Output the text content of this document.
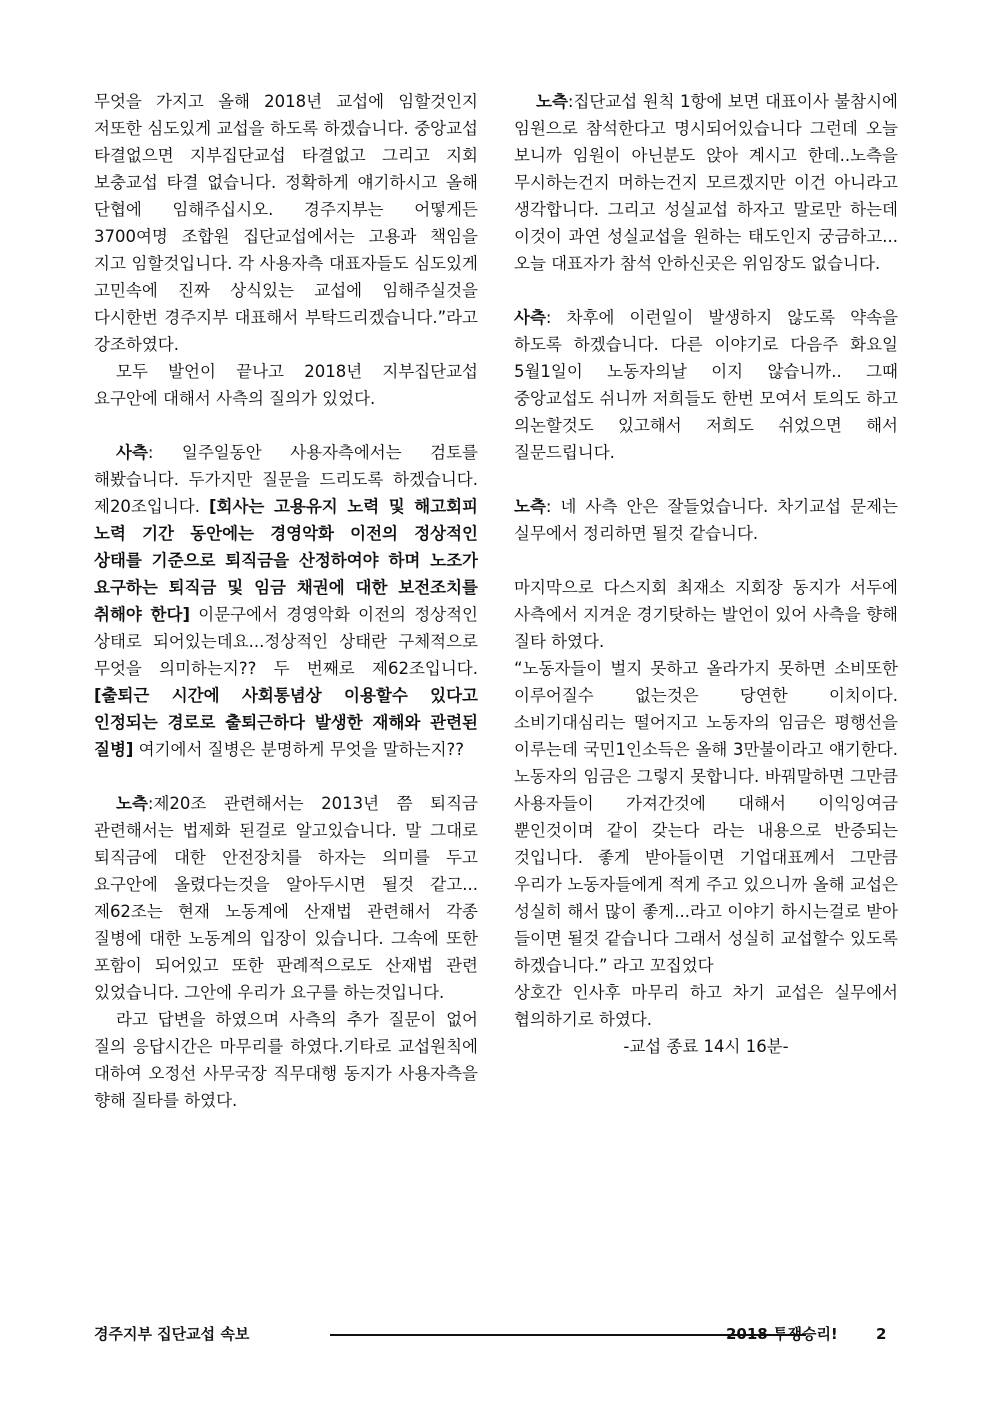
무엇을 가지고 올해 2018년 교섭에 임할것인지 저또한 심도있게 교섭을 하도록 하겠습니다. 중앙교섭 타결없으면 지부집단교섭 타결없고 그리고 지회 보충교섭 타결 없습니다. 정확하게 얘기하시고 올해 단협에 임해주십시오. 경주지부는 어떻게든 3700여명 조합원 집단교섭에서는 고용과 책임을 지고 임할것입니다. 각 사용자측 대표자들도 심도있게 고민속에 진짜 상식있는 교섭에 임해주실것을 다시한번 경주지부 대표해서 부탁드리겠습니다.”라고 강조하였다.

모두 발언이 끝나고 2018년 지부집단교섭 요구안에 대해서 사측의 질의가 있었다.

사측: 일주일동안 사용자측에서는 검토를 해봤습니다. 두가지만 질문을 드리도록 하겠습니다.제20조입니다. [회사는 고용유지 노력 및 해고회피 노력 기간 동안에는 경영악화 이전의 정상적인 상태를 기준으로 퇴직금을 산정하여야 하며 노조가 요구하는 퇴직금 및 임금 채권에 대한 보전조치를 취해야 한다] 이문구에서 경영악화 이전의 정상적인 상태로 되어있는데요...정상적인 상태란 구체적으로 무엇을 의미하는지?? 두 번째로 제62조입니다.[출퇴근 시간에 사회통념상 이용할수 있다고 인정되는 경로로 출퇴근하다 발생한 재해와 관련된 질병] 여기에서 질병은 분명하게 무엇을 말하는지??

노측:제20조 관련해서는 2013년 쯤 퇴직금 관련해서는 법제화 된걸로 알고있습니다. 말 그대로 퇴직금에 대한 안전장치를 하자는 의미를 두고 요구안에 올렸다는것을 알아두시면 될것 같고...제62조는 현재 노동계에 산재법 관련해서 각종 질병에 대한 노동계의 입장이 있습니다. 그속에 또한 포함이 되어있고 또한 판례적으로도 산재법 관련 있었습니다. 그안에 우리가 요구를 하는것입니다.

라고 답변을 하였으며 사측의 추가 질문이 없어 질의 응답시간은 마무리를 하였다.기타로 교섭원칙에 대하여 오정선 사무국장 직무대행 동지가 사용자측을 향해 질타를 하였다.

노측:집단교섭 원칙 1항에 보면 대표이사 불참시에 임원으로 참석한다고 명시되어있습니다 그런데 오늘 보니까 임원이 아닌분도 앉아 계시고 한데..노측을 무시하는건지 머하는건지 모르겠지만 이건 아니라고 생각합니다. 그리고 성실교섭 하자고 말로만 하는데 이것이 과연 성실교섭을 원하는 태도인지 궁금하고...오늘 대표자가 참석 안하신곳은 위임장도 없습니다.

사측: 차후에 이런일이 발생하지 않도록 약속을 하도록 하겠습니다. 다른 이야기로 다음주 화요일 5월1일이 노동자의날 이지 않습니까.. 그때 중앙교섭도 쉬니까 저희들도 한번 모여서 토의도 하고 의논할것도 있고해서 저희도 쉬었으면 해서 질문드립니다.

노측: 네 사측 안은 잘들었습니다. 차기교섭 문제는 실무에서 정리하면 될것 같습니다.

마지막으로 다스지회 최재소 지회장 동지가 서두에 사측에서 지겨운 경기탓하는 발언이 있어 사측을 향해 질타 하였다.

“노동자들이 벌지 못하고 올라가지 못하면 소비또한 이루어질수 없는것은 당연한 이치이다. 소비기대심리는 떨어지고 노동자의 임금은 평행선을 이루는데 국민1인소득은 올해 3만불이라고 얘기한다. 노동자의 임금은 그렇지 못합니다. 바꿔말하면 그만큼 사용자들이 가져간것에 대해서 이익잉여금 뿐인것이며 같이 갖는다 라는 내용으로 반증되는 것입니다. 좋게 받아들이면 기업대표께서 그만큼 우리가 노동자들에게 적게 주고 있으니까 올해 교섭은 성실히 해서 많이 좋게...라고 이야기 하시는걸로 받아 들이면 될것 같습니다 그래서 성실히 교섭할수 있도록 하겠습니다.” 라고 꼬집었다

상호간 인사후 마무리 하고 차기 교섭은 실무에서 협의하기로 하였다.

-교섭 종료 14시 16분-

경주지부 집단교섭 속보	2018 투쟁승리!	2
